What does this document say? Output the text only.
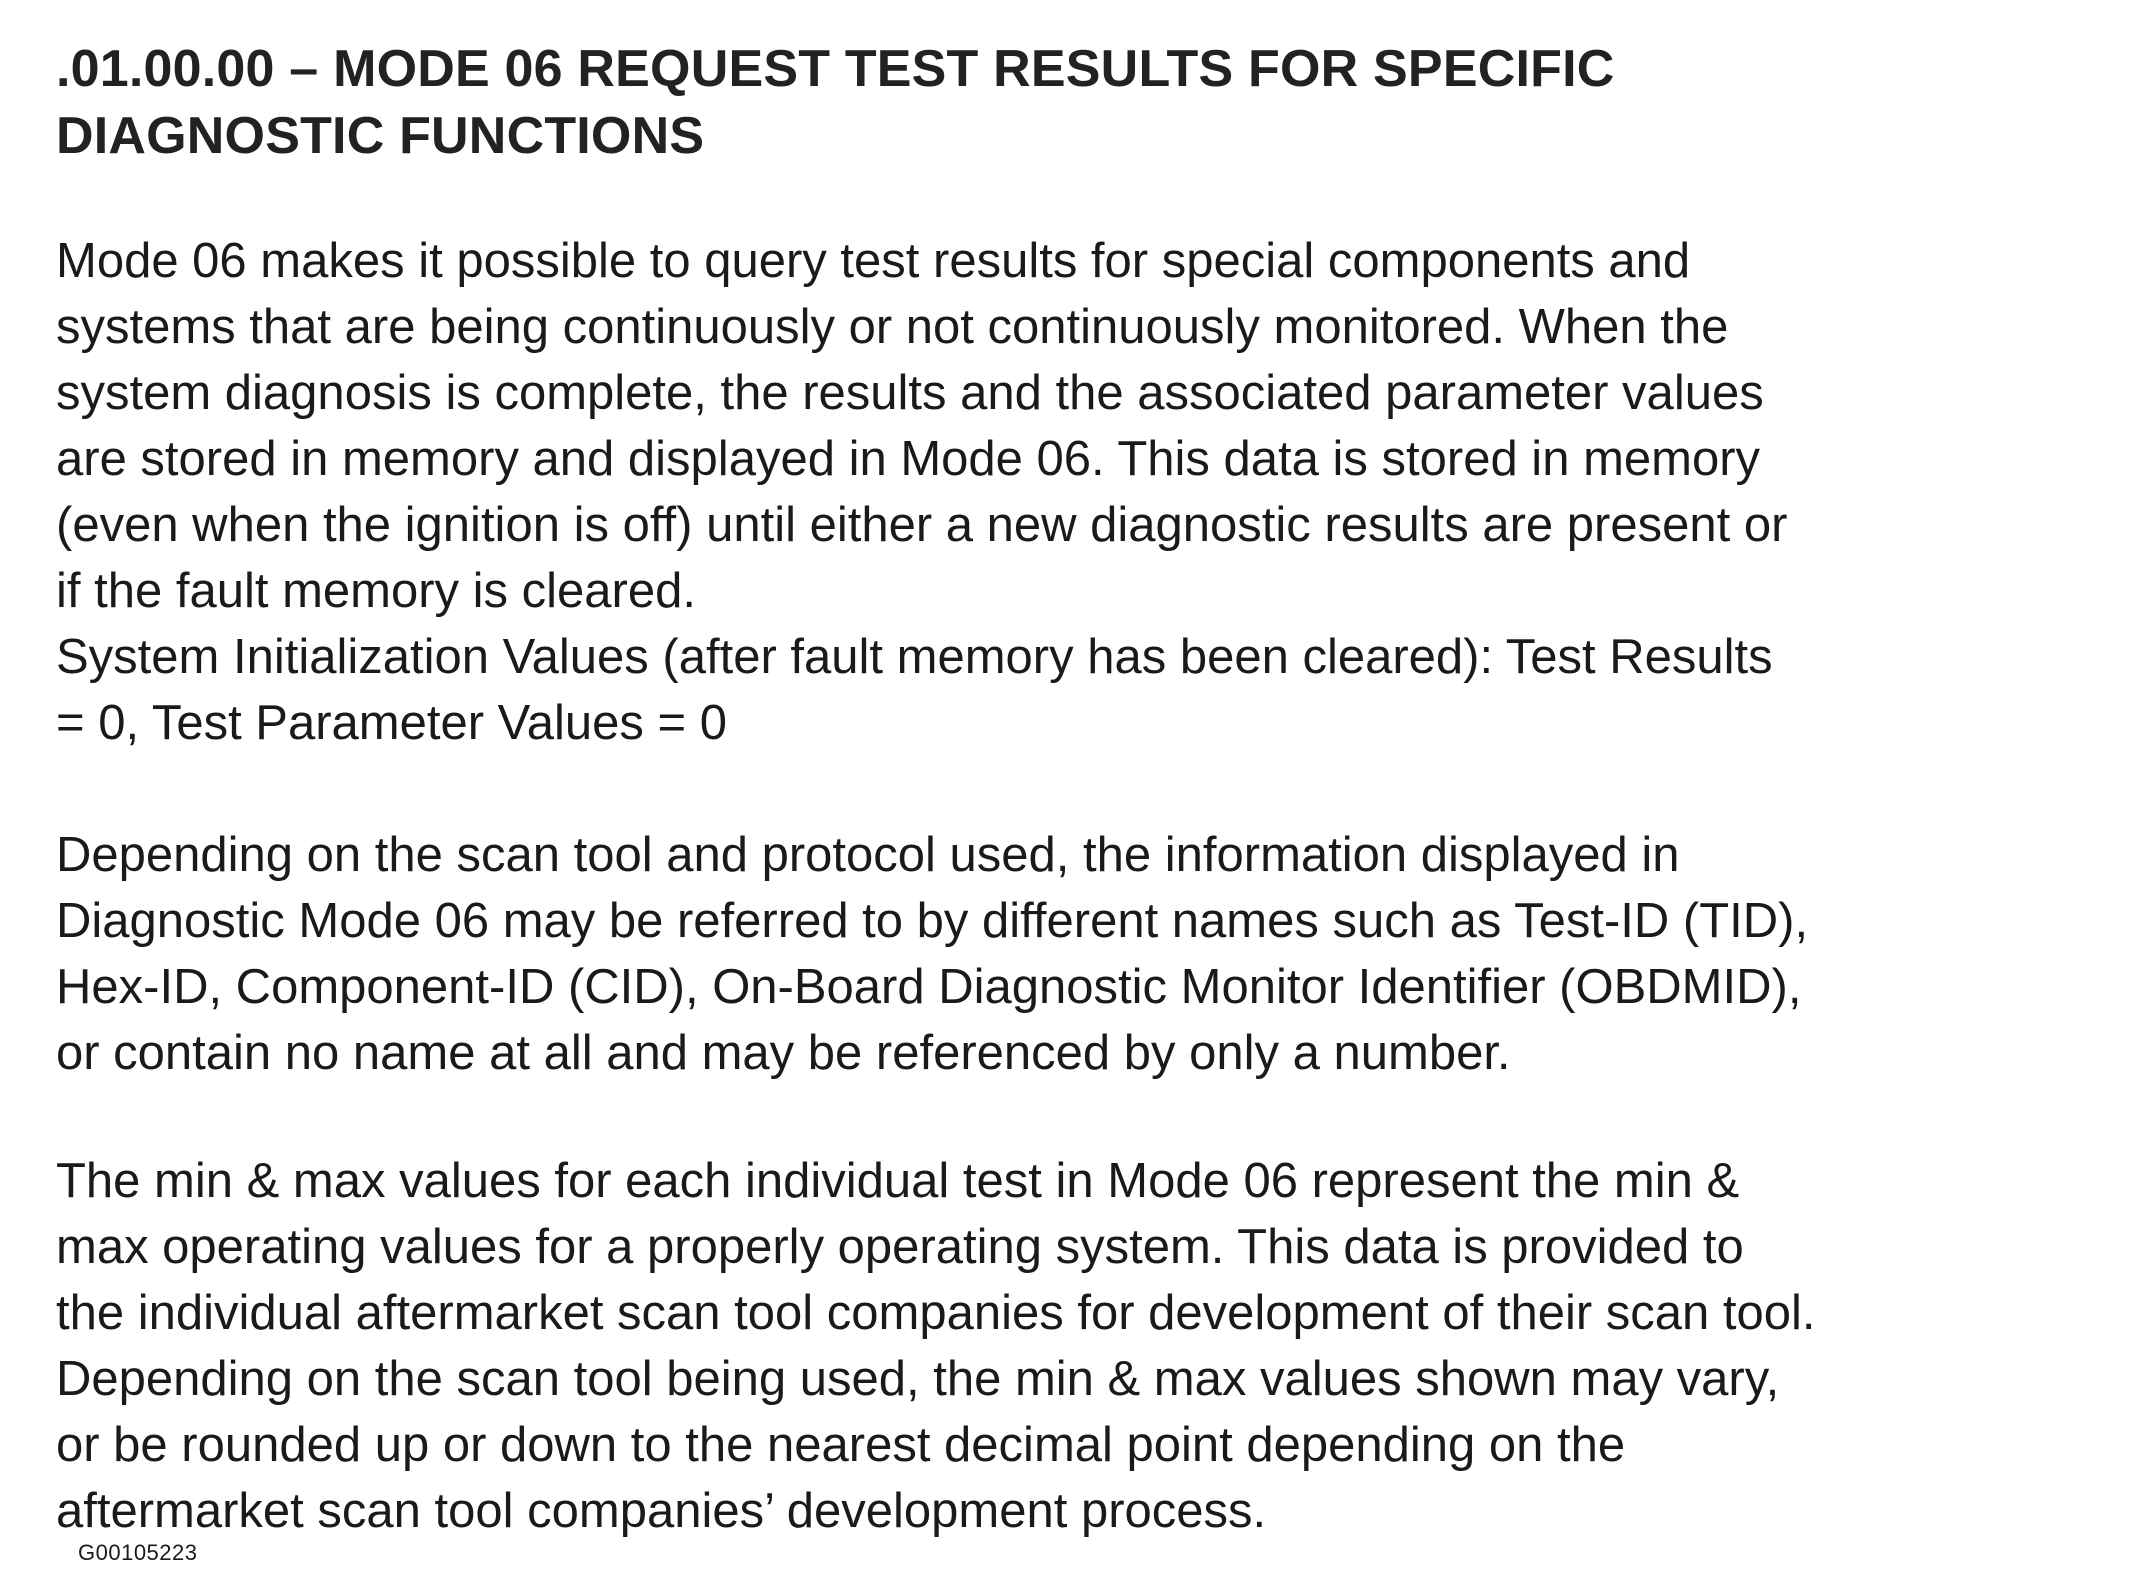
.01.00.00 – MODE 06 REQUEST TEST RESULTS FOR SPECIFIC
DIAGNOSTIC FUNCTIONS

Mode 06 makes it possible to query test results for special components and
systems that are being continuously or not continuously monitored. When the
system diagnosis is complete, the results and the associated parameter values
are stored in memory and displayed in Mode 06. This data is stored in memory
(even when the ignition is off) until either a new diagnostic results are present or
if the fault memory is cleared.
System Initialization Values (after fault memory has been cleared): Test Results
= 0, Test Parameter Values = 0

Depending on the scan tool and protocol used, the information displayed in
Diagnostic Mode 06 may be referred to by different names such as Test-ID (TID),
Hex-ID, Component-ID (CID), On-Board Diagnostic Monitor Identifier (OBDMID),
or contain no name at all and may be referenced by only a number.

The min & max values for each individual test in Mode 06 represent the min &
max operating values for a properly operating system. This data is provided to
the individual aftermarket scan tool companies for development of their scan tool.
Depending on the scan tool being used, the min & max values shown may vary,
or be rounded up or down to the nearest decimal point depending on the
aftermarket scan tool companies’ development process.

G00105223
